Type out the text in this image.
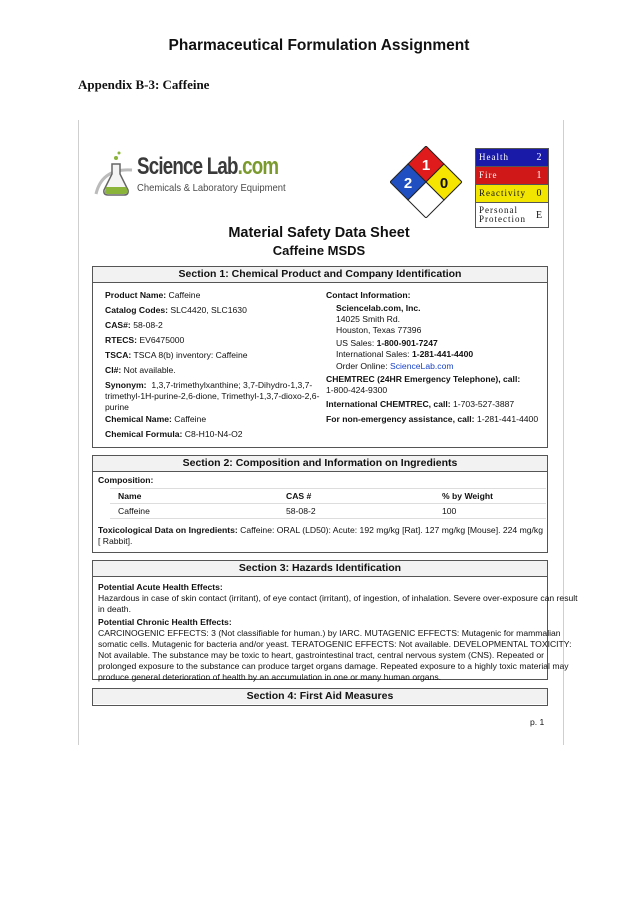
Pharmaceutical Formulation Assignment
Appendix B-3: Caffeine
Science Lab.com
Chemicals & Laboratory Equipment
1
2 0
Health	2
Fire	1
Reactivity	0
Personal Protection E
Material Safety Data Sheet
Caffeine MSDS
Section 1: Chemical Product and Company Identification
Product Name: Caffeine
Catalog Codes: SLC4420, SLC1630
CAS#: 58-08-2
RTECS: EV6475000
TSCA: TSCA 8(b) inventory: Caffeine
CI#: Not available.
Synonym: 1,3,7-trimethylxanthine; 3,7-Dihydro-1,3,7-
trimethyl-1H-purine-2,6-dione, Trimethyl-1,3,7-dioxo-2,6-
purine
Chemical Name: Caffeine
Chemical Formula: C8-H10-N4-O2
Contact Information:
Sciencelab.com, Inc.
14025 Smith Rd.
Houston, Texas 77396
US Sales: 1-800-901-7247
International Sales: 1-281-441-4400
Order Online: ScienceLab.com
CHEMTREC (24HR Emergency Telephone), call:
1-800-424-9300
International CHEMTREC, call: 1-703-527-3887
For non-emergency assistance, call: 1-281-441-4400
Section 2: Composition and Information on Ingredients
Composition:
Name	CAS #	% by Weight
Caffeine	58-08-2	100
Toxicological Data on Ingredients: Caffeine: ORAL (LD50): Acute: 192 mg/kg [Rat]. 127 mg/kg [Mouse]. 224 mg/kg
[ Rabbit].
Section 3: Hazards Identification
Potential Acute Health Effects:
Hazardous in case of skin contact (irritant), of eye contact (irritant), of ingestion, of inhalation. Severe over-exposure can result
in death.
Potential Chronic Health Effects:
CARCINOGENIC EFFECTS: 3 (Not classifiable for human.) by IARC. MUTAGENIC EFFECTS: Mutagenic for mammalian
somatic cells. Mutagenic for bacteria and/or yeast. TERATOGENIC EFFECTS: Not available. DEVELOPMENTAL TOXICITY:
Not available. The substance may be toxic to heart, gastrointestinal tract, central nervous system (CNS). Repeated or
prolonged exposure to the substance can produce target organs damage. Repeated exposure to a highly toxic material may
produce general deterioration of health by an accumulation in one or many human organs.
Section 4: First Aid Measures
p. 1
